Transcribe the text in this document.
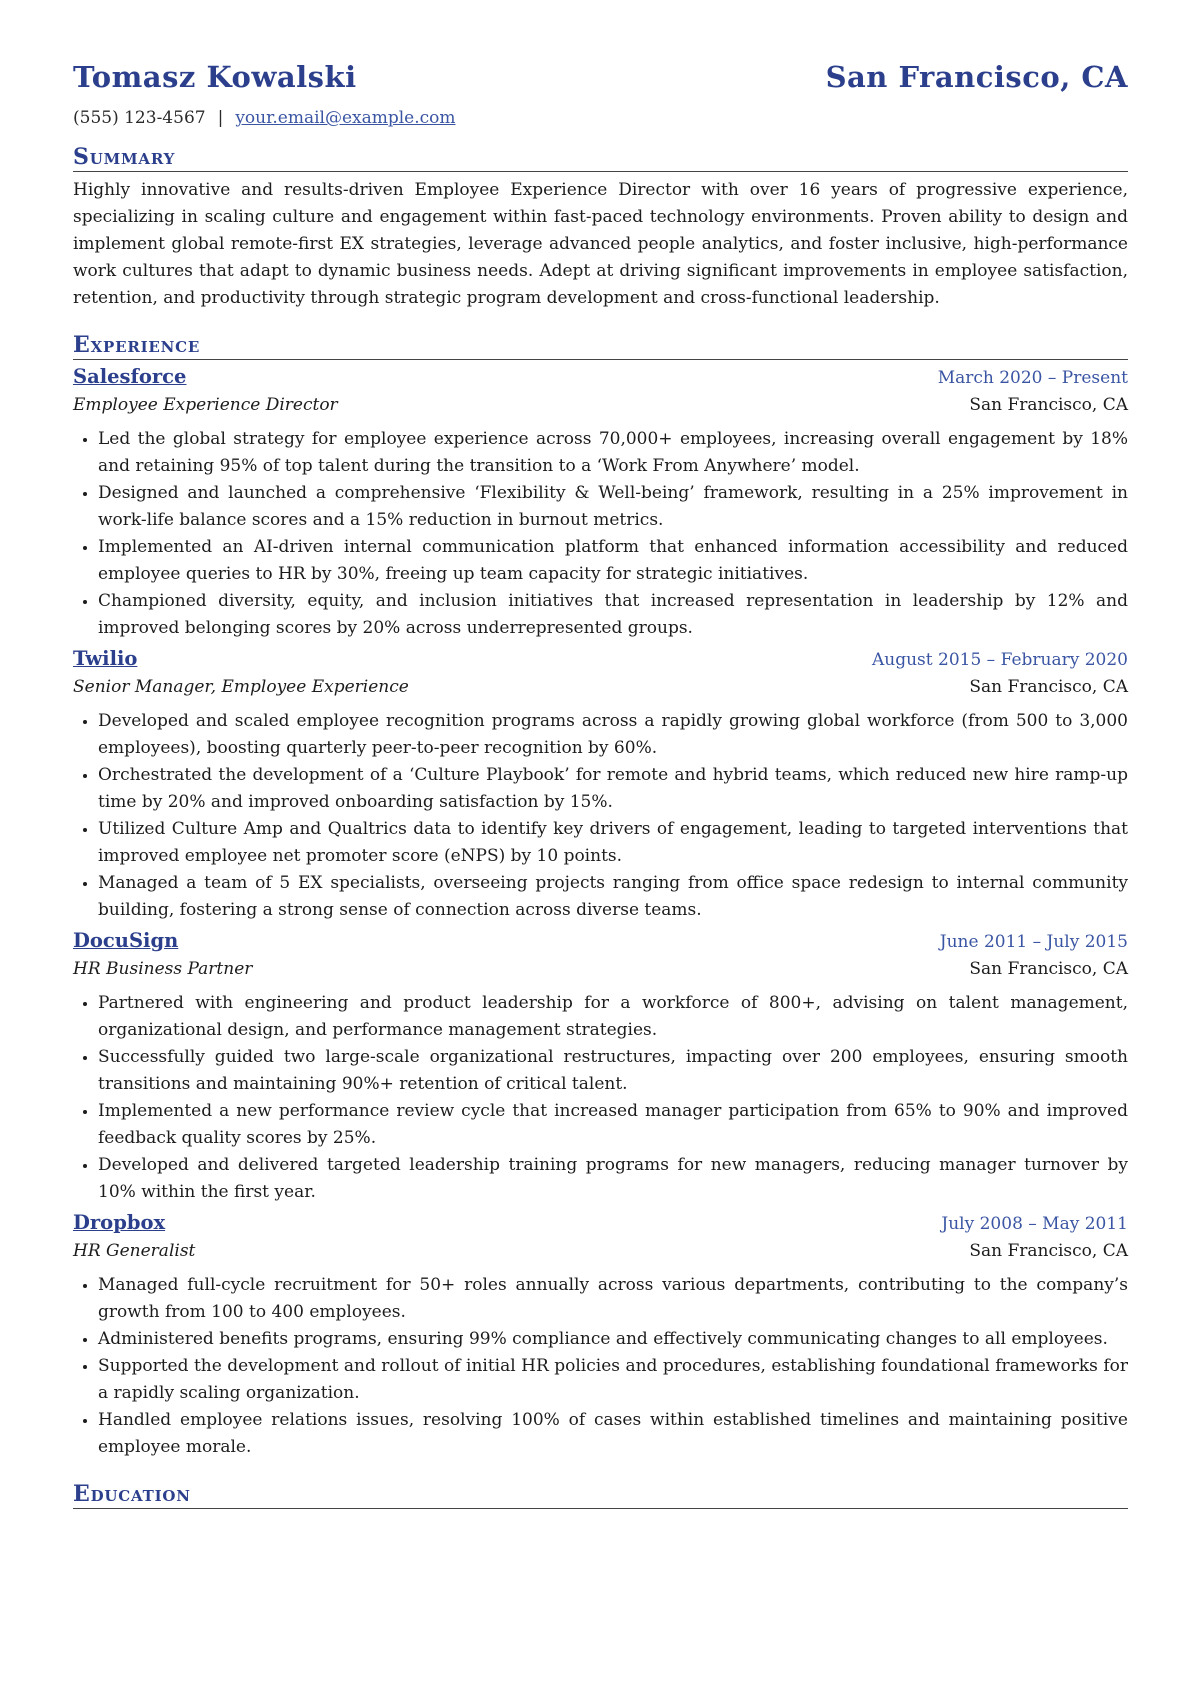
Tomasz Kowalski	San Francisco, CA
(555) 123-4567 | your.email@example.com
Summary
Highly innovative and results-driven Employee Experience Director with over 16 years of progressive experience, specializing in scaling culture and engagement within fast-paced technology environments. Proven ability to design and implement global remote-first EX strategies, leverage advanced people analytics, and foster inclusive, high-performance work cultures that adapt to dynamic business needs. Adept at driving significant improvements in employee satisfaction, retention, and productivity through strategic program development and cross-functional leadership.
Experience
Salesforce	March 2020 – Present
Employee Experience Director	San Francisco, CA
• Led the global strategy for employee experience across 70,000+ employees, increasing overall engagement by 18% and retaining 95% of top talent during the transition to a ‘Work From Anywhere’ model.
• Designed and launched a comprehensive ‘Flexibility & Well-being’ framework, resulting in a 25% improvement in work-life balance scores and a 15% reduction in burnout metrics.
• Implemented an AI-driven internal communication platform that enhanced information accessibility and reduced employee queries to HR by 30%, freeing up team capacity for strategic initiatives.
• Championed diversity, equity, and inclusion initiatives that increased representation in leadership by 12% and improved belonging scores by 20% across underrepresented groups.
Twilio	August 2015 – February 2020
Senior Manager, Employee Experience	San Francisco, CA
• Developed and scaled employee recognition programs across a rapidly growing global workforce (from 500 to 3,000 employees), boosting quarterly peer-to-peer recognition by 60%.
• Orchestrated the development of a ‘Culture Playbook’ for remote and hybrid teams, which reduced new hire ramp-up time by 20% and improved onboarding satisfaction by 15%.
• Utilized Culture Amp and Qualtrics data to identify key drivers of engagement, leading to targeted interventions that improved employee net promoter score (eNPS) by 10 points.
• Managed a team of 5 EX specialists, overseeing projects ranging from office space redesign to internal community building, fostering a strong sense of connection across diverse teams.
DocuSign	June 2011 – July 2015
HR Business Partner	San Francisco, CA
• Partnered with engineering and product leadership for a workforce of 800+, advising on talent management, organizational design, and performance management strategies.
• Successfully guided two large-scale organizational restructures, impacting over 200 employees, ensuring smooth transitions and maintaining 90%+ retention of critical talent.
• Implemented a new performance review cycle that increased manager participation from 65% to 90% and improved feedback quality scores by 25%.
• Developed and delivered targeted leadership training programs for new managers, reducing manager turnover by 10% within the first year.
Dropbox	July 2008 – May 2011
HR Generalist	San Francisco, CA
• Managed full-cycle recruitment for 50+ roles annually across various departments, contributing to the company’s growth from 100 to 400 employees.
• Administered benefits programs, ensuring 99% compliance and effectively communicating changes to all employees.
• Supported the development and rollout of initial HR policies and procedures, establishing foundational frameworks for a rapidly scaling organization.
• Handled employee relations issues, resolving 100% of cases within established timelines and maintaining positive employee morale.
Education
